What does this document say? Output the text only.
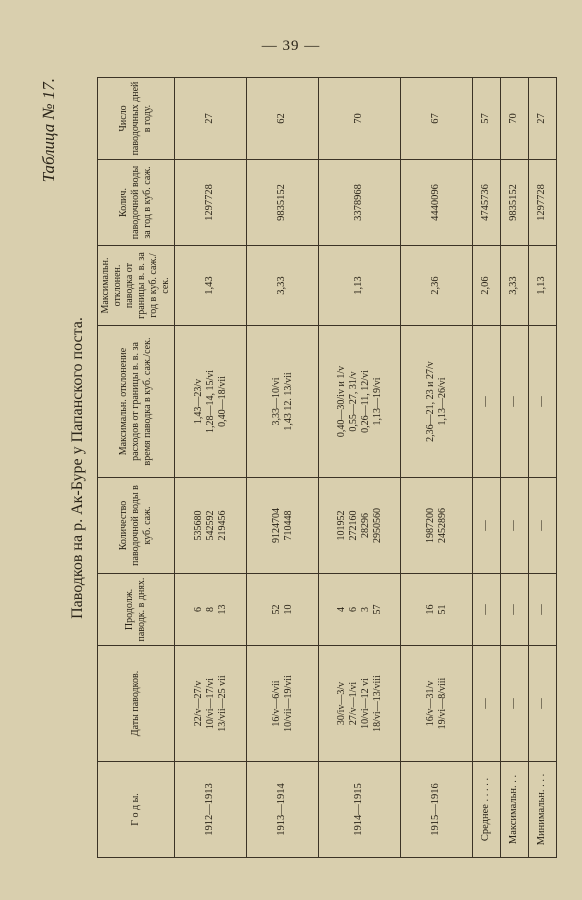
— 39 —
Таблица № 17.
Паводков на р. Ак-Буре у Папанского поста.
Г о д ы.	Даты паводков.	Продолж. паводк. в днях.	Количество паводочной воды в куб. саж.	Максимальн. отклонение расходов от границы в. в. за время паводка в куб. саж./сек.	Максимальн. отклонен. паводка от границы в. в. за год в куб. саж./сек.	Колич. паводочной воды за год в куб. саж.	Число паводочных дней в году.
1912—1913	22/v—27/v
10/vi—17/vi
13/vii—25 vii	6
8
13	535680
542592
219456	1,43—23/v
1,28—14, 15/vi
0,40—18/vii	1,43	1297728	27
1913—1914	16/v—6/vii
10/vii—19/vii	52
10	9124704
710448	3,33—10/vi
1,43 12. 13/vii	3,33	9835152	62
1914—1915	30/iv—3/v
27/v—1/vi
10/vi—12 vi
18/vi—13/viii	4
6
3
57	101952
272160
28296
2950560	0,40—30/iv и 1/v
0,55—27, 31/v
0,26—11, 12/vi
1,13—19/vi	1,13	3378968	70
1915—1916	16/v—31/v
19/vi—8/viii	16
51	1987200
2452896	2,36—21, 23 и 27/v
1,13—26/vi	2,36	4440096	67
Среднее . . . . .	—	—	—	—	2,06	4745736	57
Максимальн. . .	—	—	—	—	3,33	9835152	70
Минимальн. . . .	—	—	—	—	1,13	1297728	27
